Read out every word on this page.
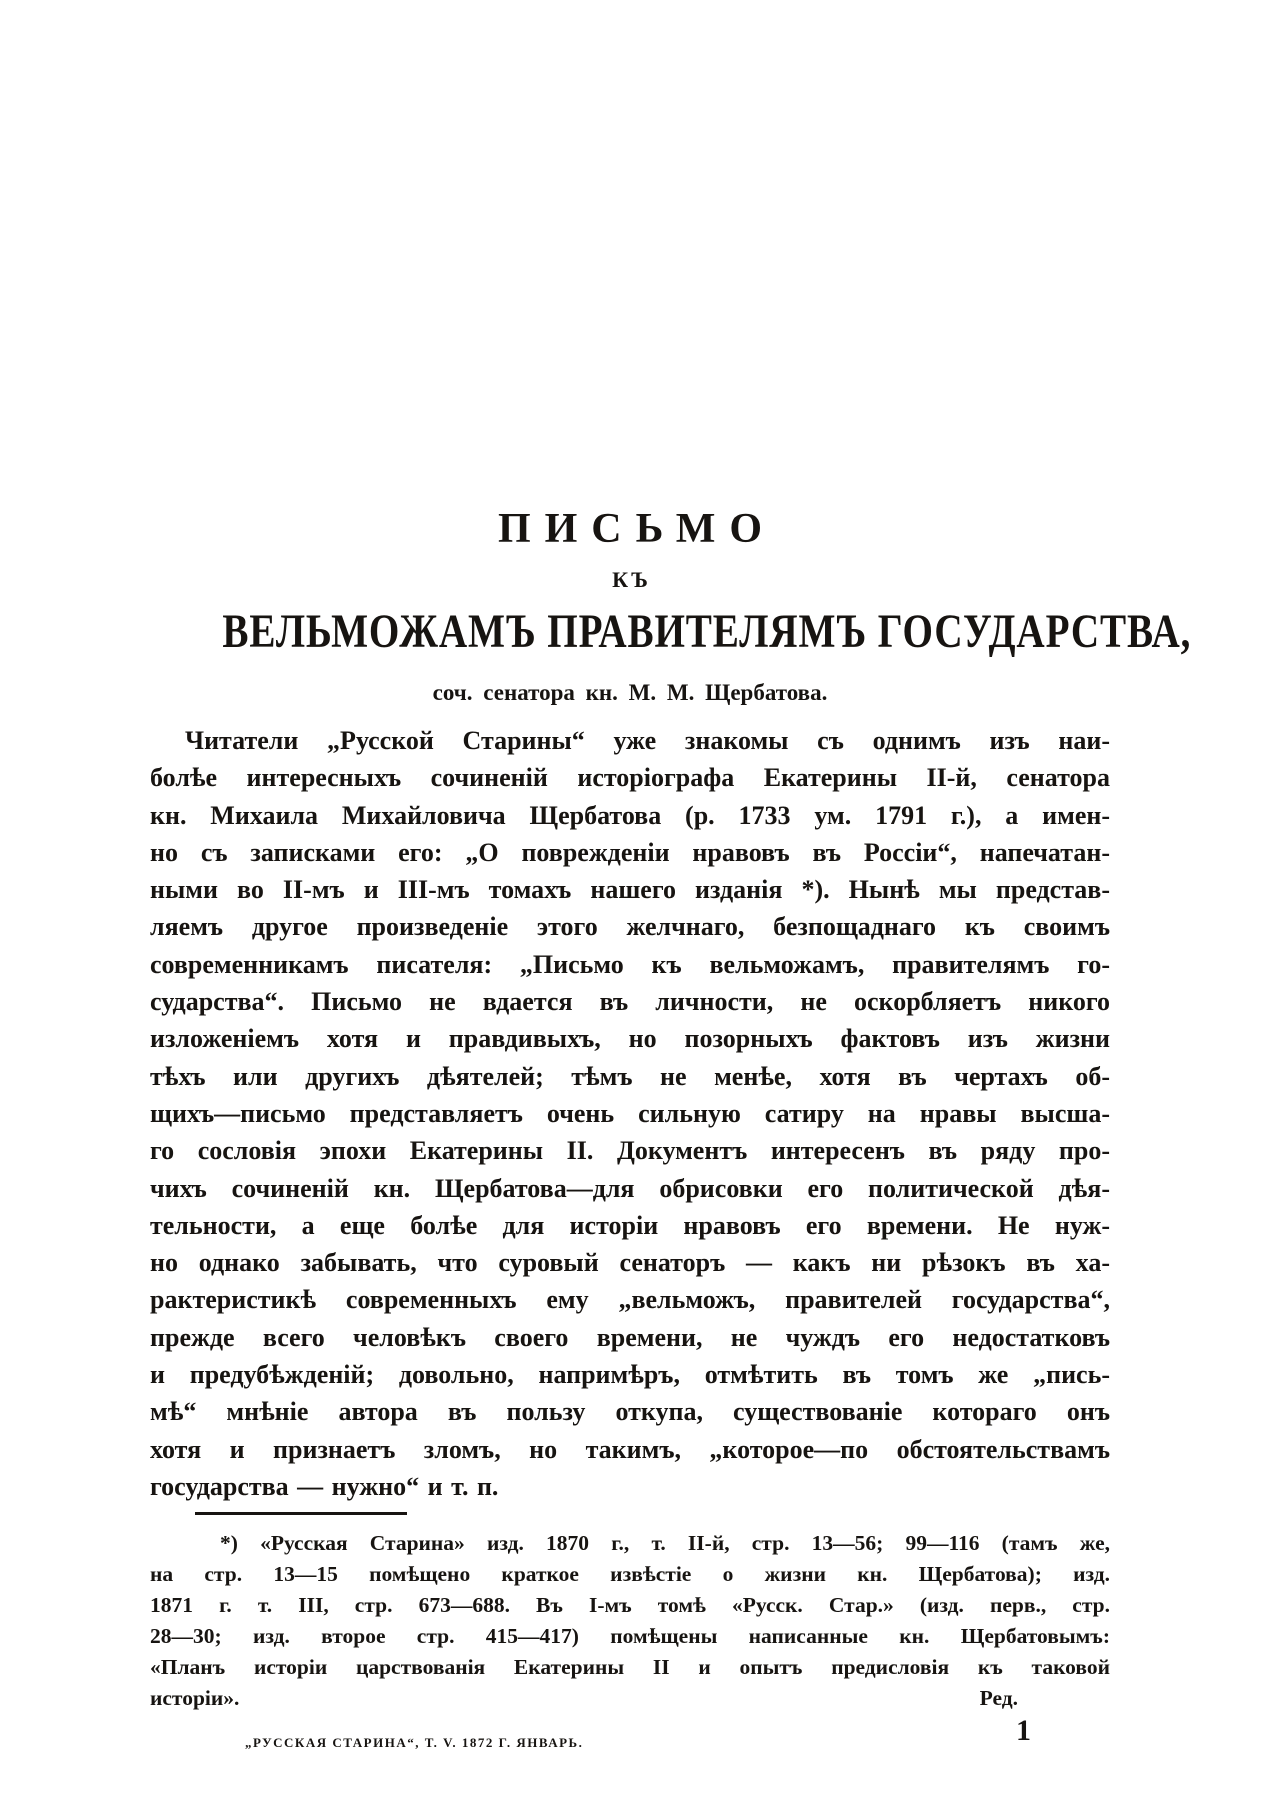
ПИСЬМО
КЪ
ВЕЛЬМОЖАМЪ ПРАВИТЕЛЯМЪ ГОСУДАРСТВА,
соч. сенатора кн. М. М. Щербатова.
Читатели „Русской Старины“ уже знакомы съ однимъ изъ наи-
болѣе интересныхъ сочиненій исторіографа Екатерины II-й, сенатора
кн. Михаила Михайловича Щербатова (р. 1733 ум. 1791 г.), а имен-
но съ записками его: „О поврежденіи нравовъ въ Россіи“, напечатан-
ными во II-мъ и III-мъ томахъ нашего изданія *). Нынѣ мы представ-
ляемъ другое произведеніе этого желчнаго, безпощаднаго къ своимъ
современникамъ писателя: „Письмо къ вельможамъ, правителямъ го-
сударства“. Письмо не вдается въ личности, не оскорбляетъ никого
изложеніемъ хотя и правдивыхъ, но позорныхъ фактовъ изъ жизни
тѣхъ или другихъ дѣятелей; тѣмъ не менѣе, хотя въ чертахъ об-
щихъ—письмо представляетъ очень сильную сатиру на нравы высша-
го сословія эпохи Екатерины II. Документъ интересенъ въ ряду про-
чихъ сочиненій кн. Щербатова—для обрисовки его политической дѣя-
тельности, а еще болѣе для исторіи нравовъ его времени. Не нуж-
но однако забывать, что суровый сенаторъ — какъ ни рѣзокъ въ ха-
рактеристикѣ современныхъ ему „вельможъ, правителей государства“,
прежде всего человѣкъ своего времени, не чуждъ его недостатковъ
и предубѣжденій; довольно, напримѣръ, отмѣтить въ томъ же „пись-
мѣ“ мнѣніе автора въ пользу откупа, существованіе котораго онъ
хотя и признаетъ зломъ, но такимъ, „которое—по обстоятельствамъ
государства — нужно“ и т. п.
*) «Русская Старина» изд. 1870 г., т. II-й, стр. 13—56; 99—116 (тамъ же,
на стр. 13—15 помѣщено краткое извѣстіе о жизни кн. Щербатова); изд.
1871 г. т. III, стр. 673—688. Въ I-мъ томѣ «Русск. Стар.» (изд. перв., стр.
28—30; изд. второе стр. 415—417) помѣщены написанные кн. Щербатовымъ:
«Планъ исторіи царствованія Екатерины II и опытъ предисловія къ таковой
исторіи».	Ред.
„РУССКАЯ СТАРИНА“, Т. V. 1872 Г. ЯНВАРЬ.	1
